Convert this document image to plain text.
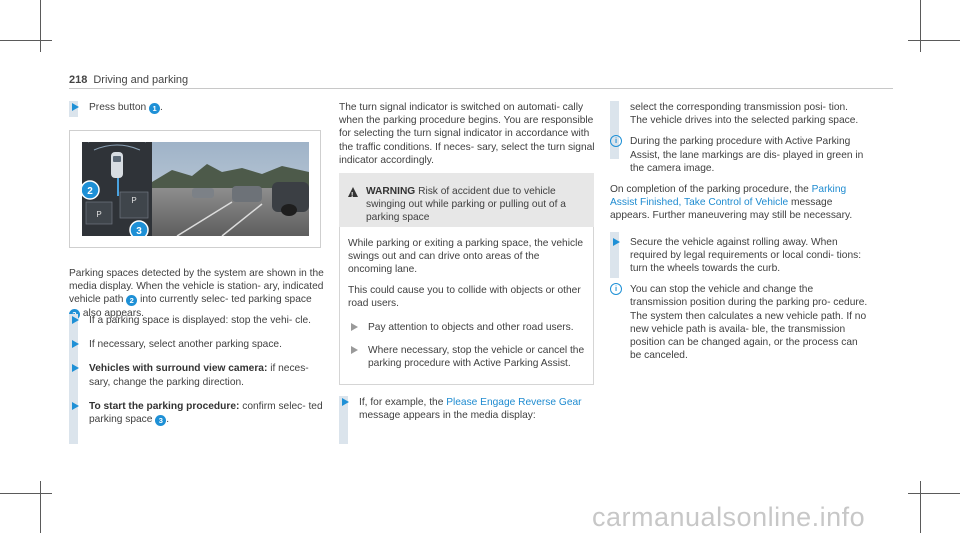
218 Driving and parking
Press button 1 .
P
P
2
3

Parking spaces detected by the system are shown in the media display. When the vehicle is station- ary, indicated vehicle path 2 into currently selec- ted parking space  also appears.

If a parking space is displayed: stop the vehi- cle.
If necessary, select another parking space.
Vehicles with surround view camera: if neces- sary, change the parking direction.
To start the parking procedure: confirm selec- ted parking space 3 .

The turn signal indicator is switched on automati- cally when the parking procedure begins. You are responsible for selecting the turn signal indicator in accordance with the traffic conditions. If neces- sary, select the turn signal indicator accordingly.

!
WARNING Risk of accident due to vehicle swinging out while parking or pulling out of a parking space

While parking or exiting a parking space, the vehicle swings out and can drive onto areas of the oncoming lane.

This could cause you to collide with objects or other road users.

Pay attention to objects and other road users.
Where necessary, stop the vehicle or cancel the parking procedure with Active Parking Assist.
If, for example, the Please Engage Reverse Gear message appears in the media display:
select the corresponding transmission posi- tion.
The vehicle drives into the selected parking space.
i	During the parking procedure with Active Parking Assist, the lane markings are dis- played in green in the camera image.

On completion of the parking procedure, the Parking Assist Finished, Take Control of Vehicle message appears. Further maneuvering may still be necessary.

Secure the vehicle against rolling away. When required by legal requirements or local condi- tions: turn the wheels towards the curb.
i	You can stop the vehicle and change the transmission position during the parking pro- cedure. The system then calculates a new vehicle path. If no new vehicle path is availa- ble, the transmission position can be changed again, or the process can be canceled.
carmanualsonline.info
